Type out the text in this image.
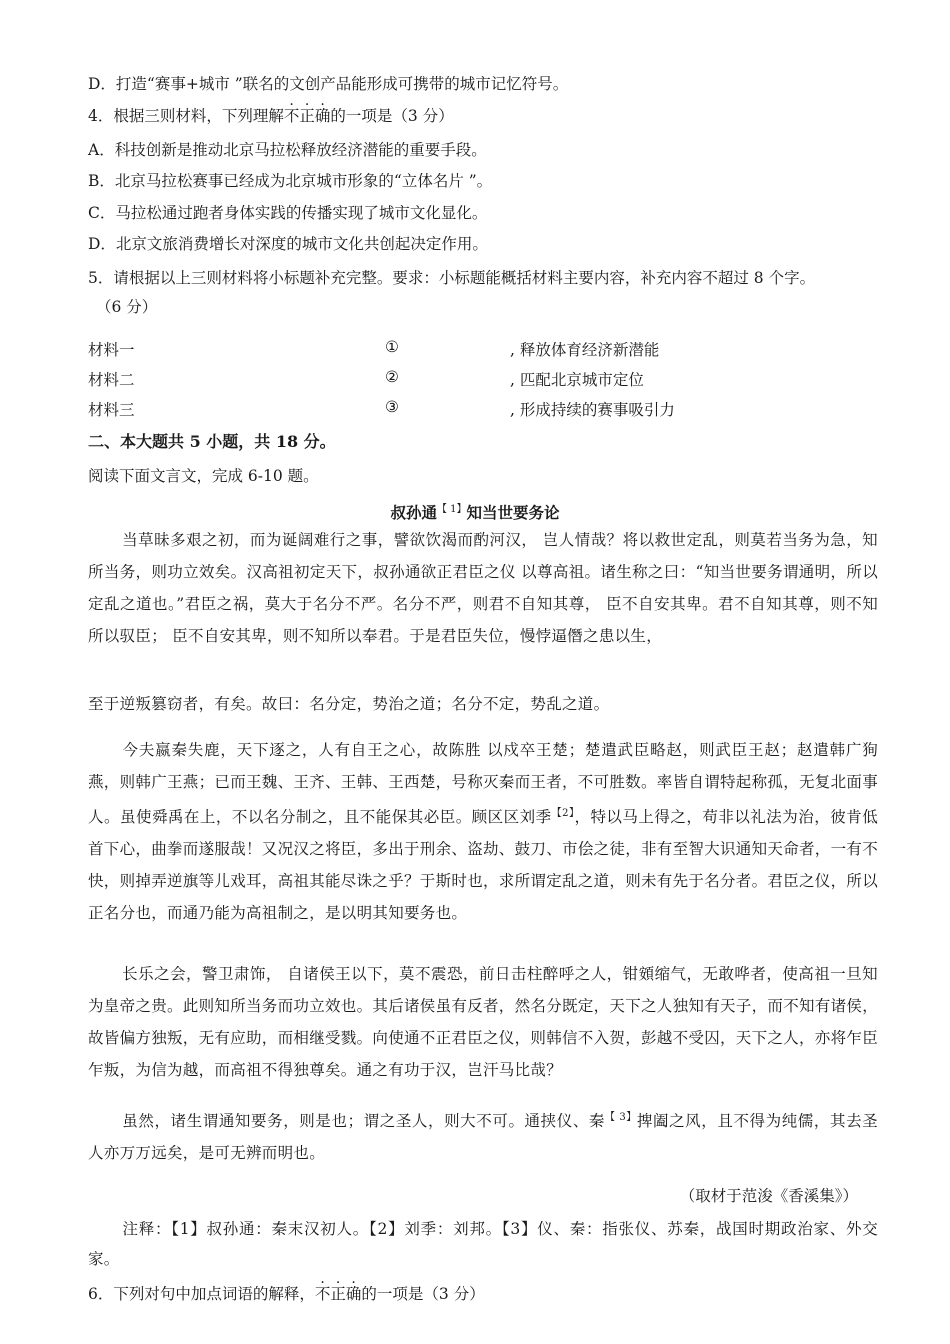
D．打造“赛事+城市 ”联名的文创产品能形成可携带的城市记忆符号。
4．根据三则材料，下列理解不正确的一项是（3 分）
A．科技创新是推动北京马拉松释放经济潜能的重要手段。
B．北京马拉松赛事已经成为北京城市形象的“立体名片 ”。
C．马拉松通过跑者身体实践的传播实现了城市文化显化。
D．北京文旅消费增长对深度的城市文化共创起决定作用。
5．请根据以上三则材料将小标题补充完整。要求：小标题能概括材料主要内容，补充内容不超过 8 个字。
（6 分）
材料一	①	, 释放体育经济新潜能
材料二	②	, 匹配北京城市定位
材料三	③	, 形成持续的赛事吸引力
二、本大题共 5 小题，共 18 分。
阅读下面文言文，完成 6-10 题。
叔孙通$^{【 1】}$知当世要务论
当草昧多艰之初，而为诞阔难行之事，譬欲饮渴而酌河汉， 岂人情哉？将以救世定乱，则莫若当务为急，知所当务，则功立效矣。汉高祖初定天下，叔孙通欲正君臣之仪 以尊高祖。诸生称之曰：“知当世要务谓通明，所以定乱之道也。”君臣之祸，莫大于名分不严。名分不严，则君不自知其尊， 臣不自安其卑。君不自知其尊，则不知所以驭臣； 臣不自安其卑，则不知所以奉君。于是君臣失位，慢悖逼僭之患以生，
至于逆叛篡窃者，有矣。故曰：名分定，势治之道；名分不定，势乱之道。
今夫嬴秦失鹿，天下逐之，人有自王之心，故陈胜 以戍卒王楚；楚遣武臣略赵，则武臣王赵；赵遣韩广狥燕，则韩广王燕；已而王魏、王齐、王韩、王西楚，号称灭秦而王者，不可胜数。率皆自谓特起称孤，无复北面事人。虽使舜禹在上，不以名分制之，且不能保其必臣。顾区区刘季$^{【2】}$，特以马上得之，苟非以礼法为治，彼肯低首下心，曲拳而遂服哉！又况汉之将臣，多出于刑余、盗劫、鼓刀、市侩之徒，非有至智大识通知天命者，一有不快，则掉弄逆旗等儿戏耳，高祖其能尽诛之乎？于斯时也，求所谓定乱之道，则未有先于名分者。君臣之仪，所以正名分也，而通乃能为高祖制之，是以明其知要务也。
长乐之会，警卫肃饰， 自诸侯王以下，莫不震恐，前日击柱醉呼之人，钳頞缩气，无敢哗者，使高祖一旦知为皇帝之贵。此则知所当务而功立效也。其后诸侯虽有反者，然名分既定，天下之人独知有天子，而不知有诸侯，故皆偏方独叛，无有应助，而相继受戮。向使通不正君臣之仪，则韩信不入贺，彭越不受囚，天下之人，亦将乍臣乍叛，为信为越，而高祖不得独尊矣。通之有功于汉，岂汗马比哉？
虽然，诸生谓通知要务，则是也；谓之圣人，则大不可。通挟仪、秦$^{【 3】}$捭阖之风，且不得为纯儒，其去圣人亦万万远矣，是可无辨而明也。
（取材于范浚《香溪集》）
注释：【1】叔孙通：秦末汉初人。【2】刘季：刘邦。【3】仪、秦：指张仪、苏秦，战国时期政治家、外交家。
6．下列对句中加点词语的解释，不正确的一项是（3 分）
